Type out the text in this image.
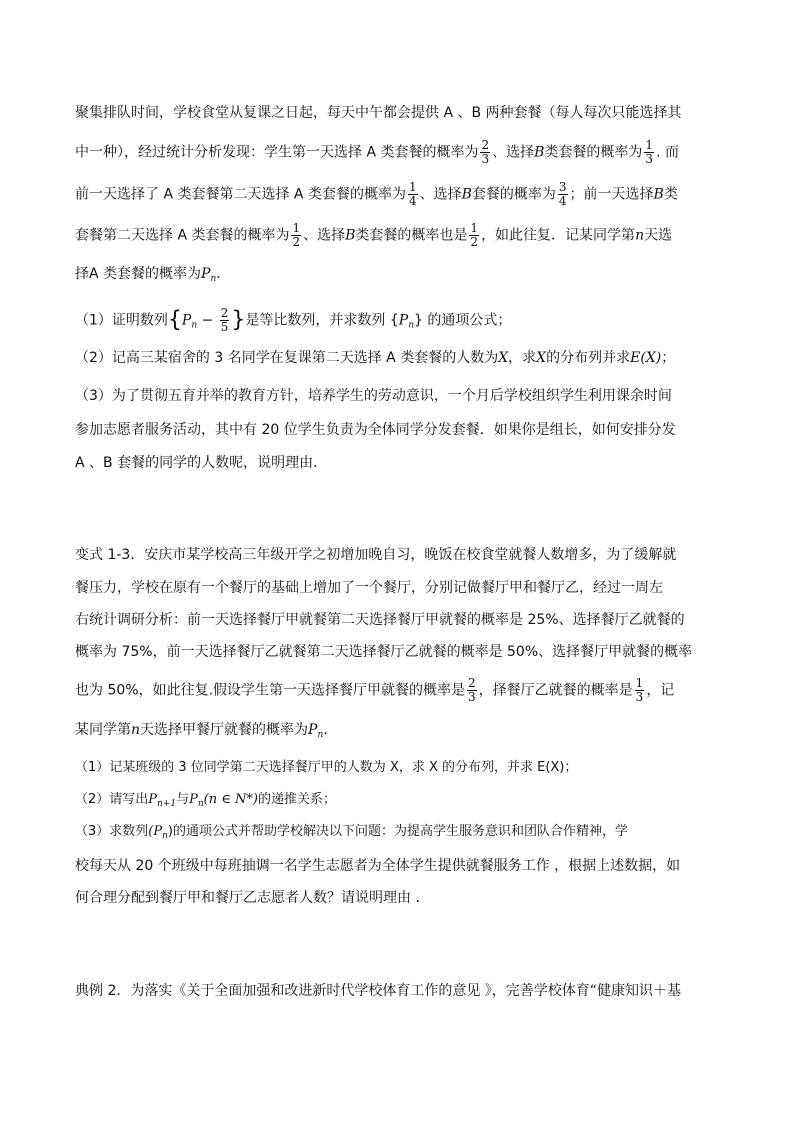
聚集排队时间，学校食堂从复课之日起，每天中午都会提供 A 、B 两种套餐（每人每次只能选择其
中一种），经过统计分析发现：学生第一天选择 A 类套餐的概率为 $\frac{2}{3}$ 、选择B类套餐的概率为 $\frac{1}{3}$ . 而
前一天选择了 A 类套餐第二天选择 A 类套餐的概率为 $\frac{1}{4}$ 、选择B套餐的概率为 $\frac{3}{4}$ ；前一天选择B类
套餐第二天选择 A 类套餐的概率为 $\frac{1}{2}$ 、选择B类套餐的概率也是 $\frac{1}{2}$ ，如此往复．记某同学第n天选
择A 类套餐的概率为$P_n$．
（1）证明数列{$P_n - \frac{2}{5}$ }是等比数列，并求数列 $\{P_n\}$ 的通项公式；
（2）记高三某宿舍的 3 名同学在复课第二天选择 A 类套餐的人数为X，求X的分布列并求E(X)；
（3）为了贯彻五育并举的教育方针，培养学生的劳动意识，一个月后学校组织学生利用课余时间
参加志愿者服务活动，其中有 20 位学生负责为全体同学分发套餐．如果你是组长，如何安排分发
A 、B 套餐的同学的人数呢，说明理由．
变式 1-3．安庆市某学校高三年级开学之初增加晚自习，晚饭在校食堂就餐人数增多，为了缓解就
餐压力，学校在原有一个餐厅的基础上增加了一个餐厅，分别记做餐厅甲和餐厅乙，经过一周左
右统计调研分析：前一天选择餐厅甲就餐第二天选择餐厅甲就餐的概率是 25%、选择餐厅乙就餐的
概率为 75%，前一天选择餐厅乙就餐第二天选择餐厅乙就餐的概率是 50%、选择餐厅甲就餐的概率
也为 50%，如此往复.假设学生第一天选择餐厅甲就餐的概率是 $\frac{2}{3}$ ，择餐厅乙就餐的概率是 $\frac{1}{3}$ ，记
某同学第n天选择甲餐厅就餐的概率为$P_n$.
（1）记某班级的 3 位同学第二天选择餐厅甲的人数为 X，求 X 的分布列，并求 E(X)；
（2）请写出$P_{n+1}$与$P_n(n$ ∈ N*)的递推关系；
（3）求数列$(P_n)$的通项公式并帮助学校解决以下问题：为提高学生服务意识和团队合作精神，学
校每天从 20 个班级中每班抽调一名学生志愿者为全体学生提供就餐服务工作 ，根据上述数据，如
何合理分配到餐厅甲和餐厅乙志愿者人数？请说明理由 .
典例 2．为落实《关于全面加强和改进新时代学校体育工作的意见 》，完善学校体育“健康知识＋基
